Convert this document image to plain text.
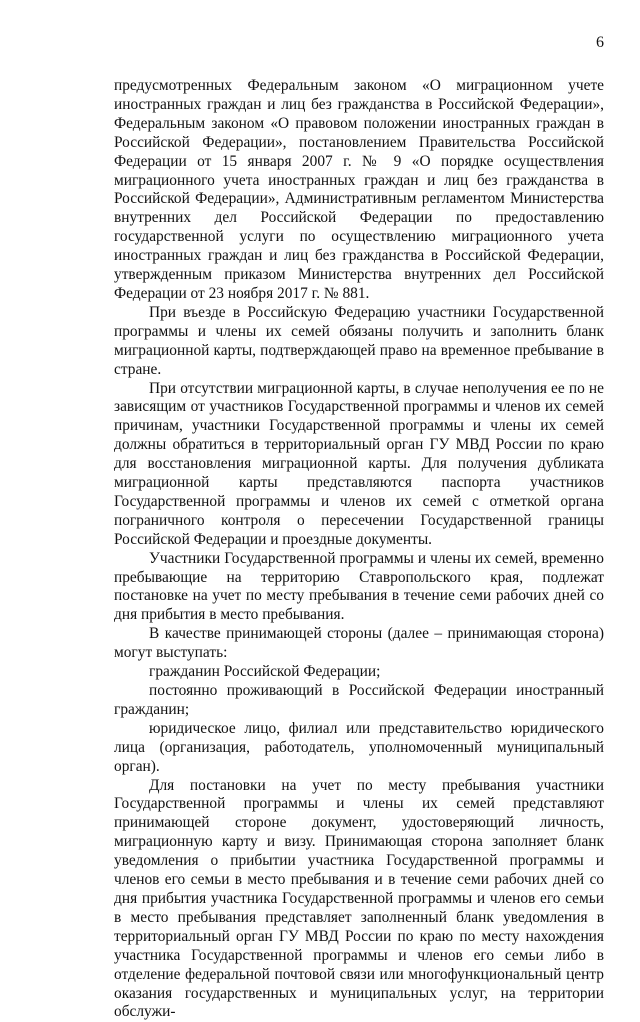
6

предусмотренных Федеральным законом «О миграционном учете иностранных граждан и лиц без гражданства в Российской Федерации», Федеральным законом «О правовом положении иностранных граждан в Российской Федерации», постановлением Правительства Российской Федерации от 15 января 2007 г. № 9 «О порядке осуществления миграционного учета иностранных граждан и лиц без гражданства в Российской Федерации», Административным регламентом Министерства внутренних дел Российской Федерации по предоставлению государственной услуги по осуществлению миграционного учета иностранных граждан и лиц без гражданства в Российской Федерации, утвержденным приказом Министерства внутренних дел Российской Федерации от 23 ноября 2017 г. № 881.

При въезде в Российскую Федерацию участники Государственной программы и члены их семей обязаны получить и заполнить бланк миграционной карты, подтверждающей право на временное пребывание в стране.

При отсутствии миграционной карты, в случае неполучения ее по не зависящим от участников Государственной программы и членов их семей причинам, участники Государственной программы и члены их семей должны обратиться в территориальный орган ГУ МВД России по краю для восстановления миграционной карты. Для получения дубликата миграционной карты представляются паспорта участников Государственной программы и членов их семей с отметкой органа пограничного контроля о пересечении Государственной границы Российской Федерации и проездные документы.

Участники Государственной программы и члены их семей, временно пребывающие на территорию Ставропольского края, подлежат постановке на учет по месту пребывания в течение семи рабочих дней со дня прибытия в место пребывания.

В качестве принимающей стороны (далее – принимающая сторона) могут выступать:

гражданин Российской Федерации;

постоянно проживающий в Российской Федерации иностранный гражданин;

юридическое лицо, филиал или представительство юридического лица (организация, работодатель, уполномоченный муниципальный орган).

Для постановки на учет по месту пребывания участники Государственной программы и члены их семей представляют принимающей стороне документ, удостоверяющий личность, миграционную карту и визу. Принимающая сторона заполняет бланк уведомления о прибытии участника Государственной программы и членов его семьи в место пребывания и в течение семи рабочих дней со дня прибытия участника Государственной программы и членов его семьи в место пребывания представляет заполненный бланк уведомления в территориальный орган ГУ МВД России по краю по месту нахождения участника Государственной программы и членов его семьи либо в отделение федеральной почтовой связи или многофункциональный центр оказания государственных и муниципальных услуг, на территории обслужи-
